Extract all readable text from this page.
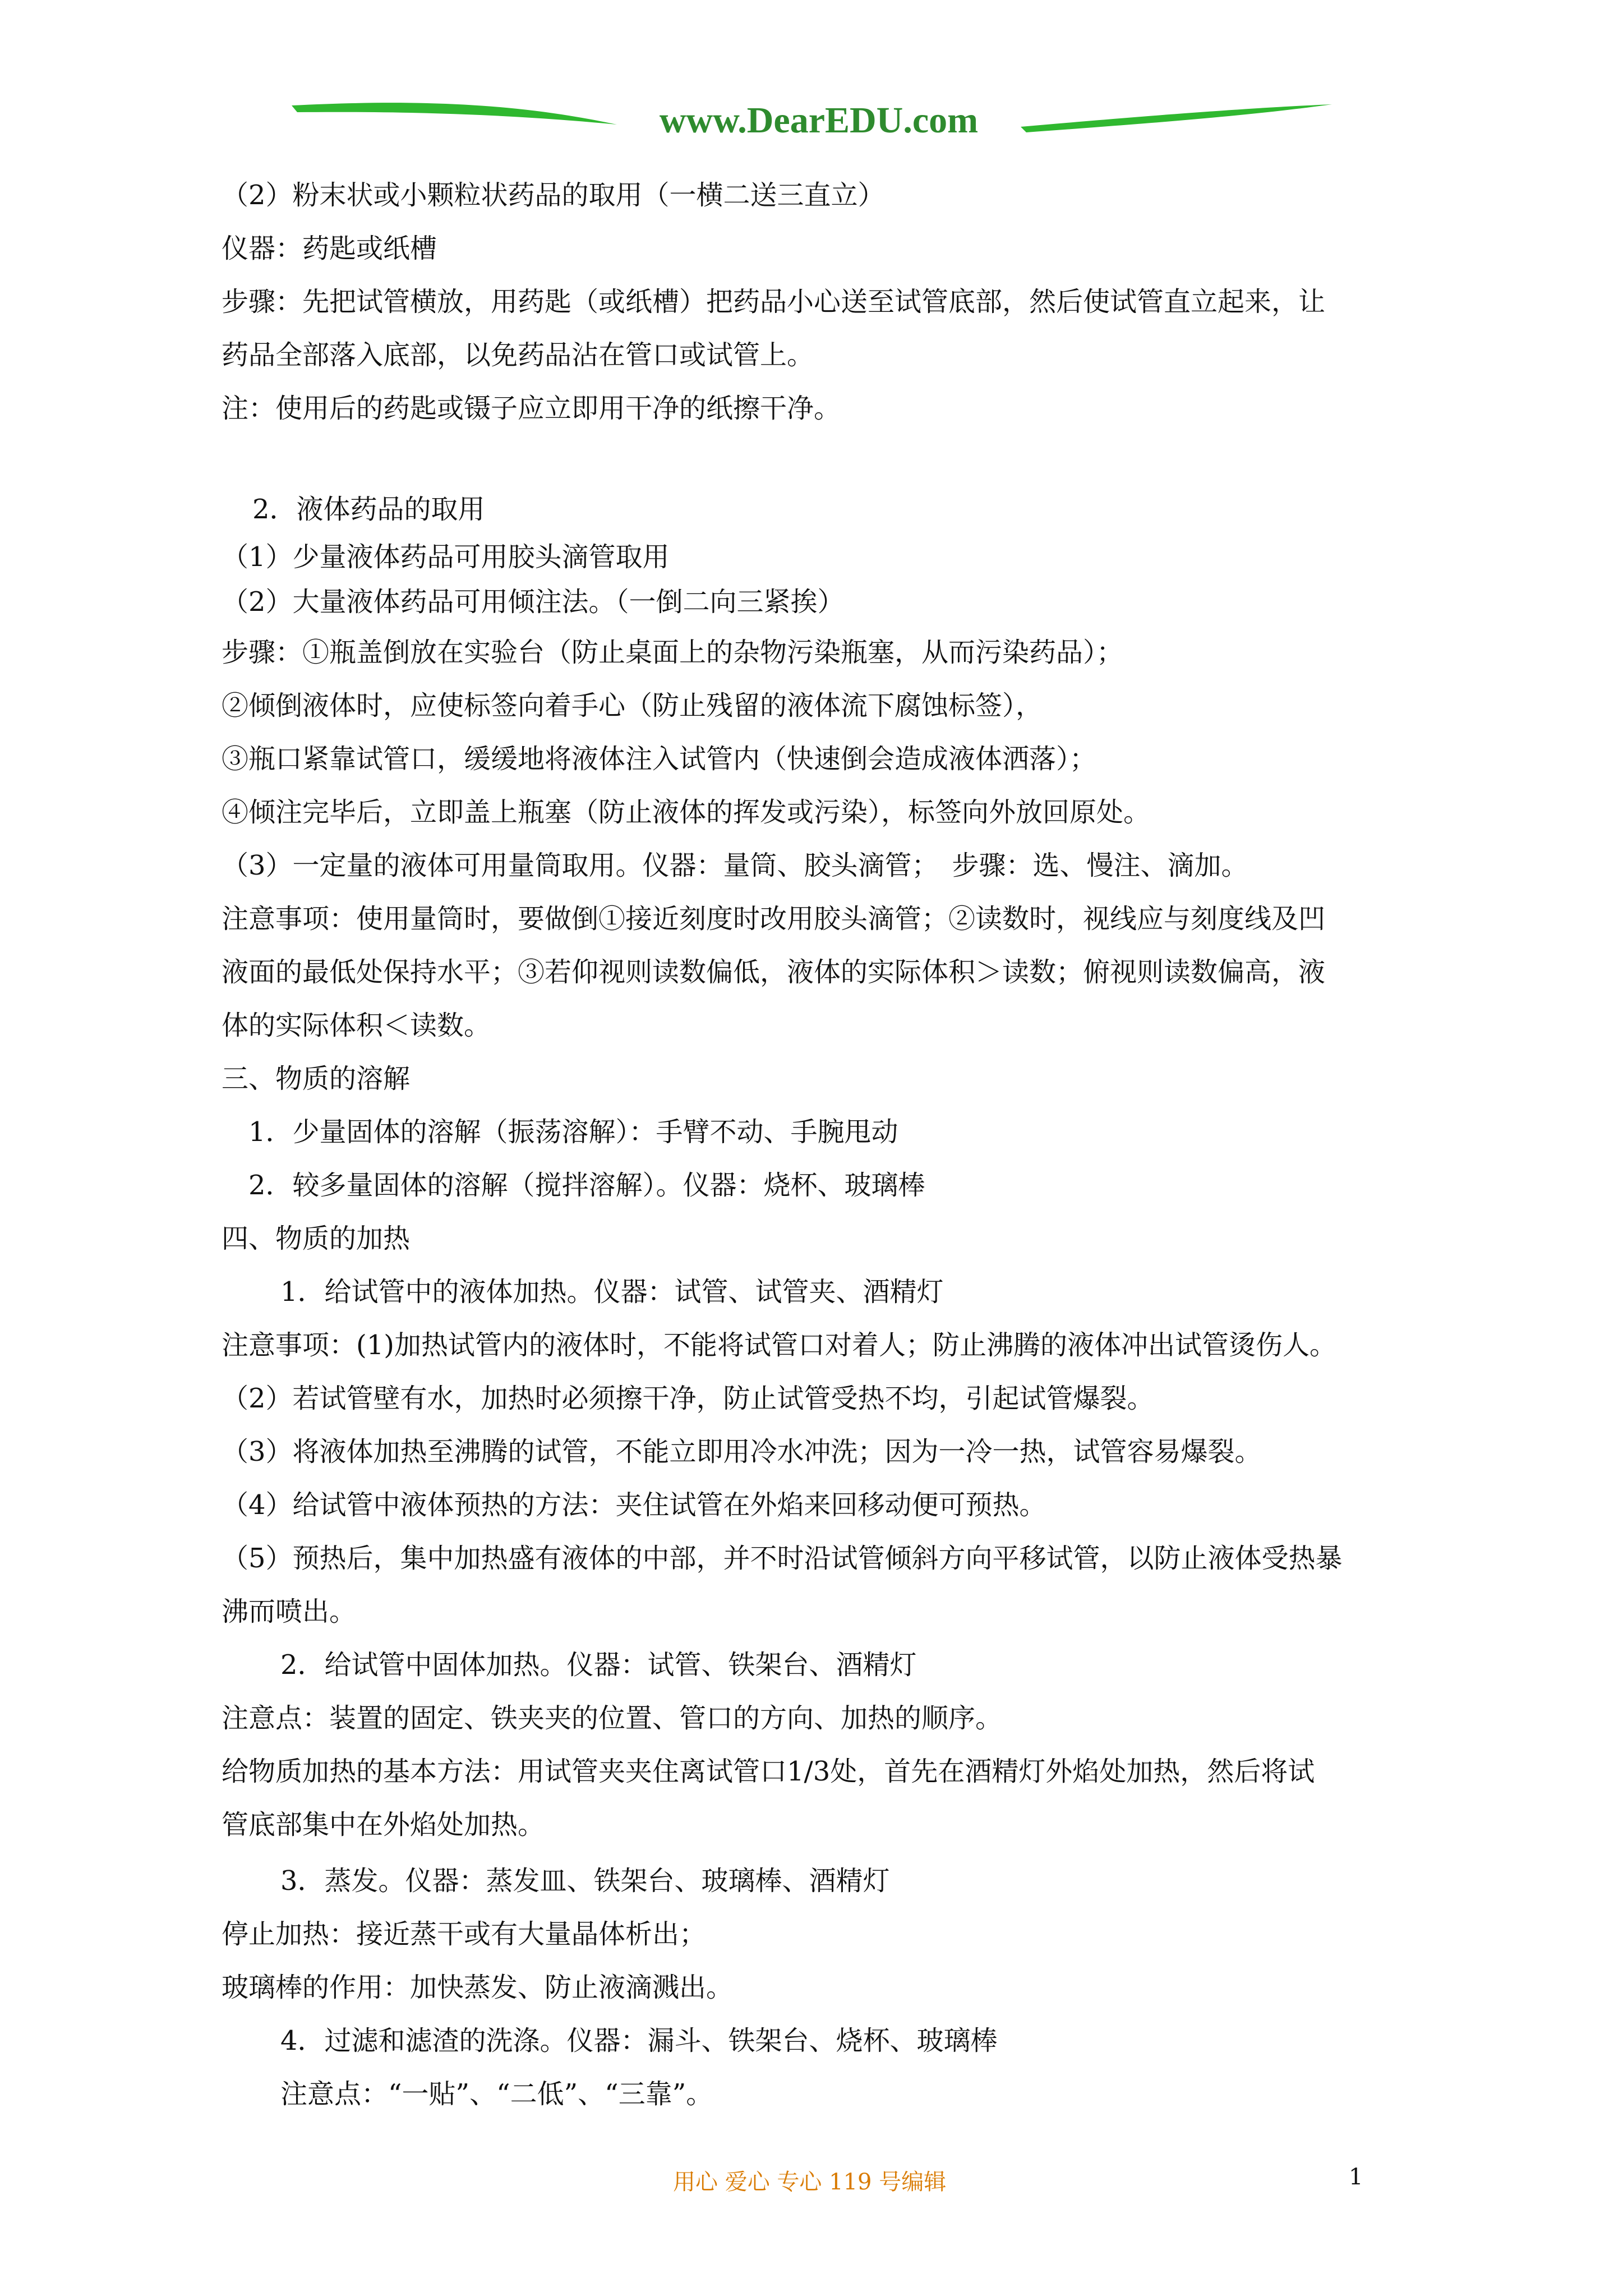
www.DearEDU.com
（2）粉末状或小颗粒状药品的取用（一横二送三直立）
仪器：药匙或纸槽
步骤：先把试管横放，用药匙（或纸槽）把药品小心送至试管底部，然后使试管直立起来，让
药品全部落入底部，以免药品沾在管口或试管上。
注：使用后的药匙或镊子应立即用干净的纸擦干净。
2．液体药品的取用
（1）少量液体药品可用胶头滴管取用
（2）大量液体药品可用倾注法。（一倒二向三紧挨）
步骤：①瓶盖倒放在实验台（防止桌面上的杂物污染瓶塞，从而污染药品）；
②倾倒液体时，应使标签向着手心（防止残留的液体流下腐蚀标签），
③瓶口紧靠试管口，缓缓地将液体注入试管内（快速倒会造成液体洒落）；
④倾注完毕后，立即盖上瓶塞（防止液体的挥发或污染），标签向外放回原处。
（3）一定量的液体可用量筒取用。仪器：量筒、胶头滴管；　步骤：选、慢注、滴加。
注意事项：使用量筒时，要做倒①接近刻度时改用胶头滴管；②读数时，视线应与刻度线及凹
液面的最低处保持水平；③若仰视则读数偏低，液体的实际体积＞读数；俯视则读数偏高，液
体的实际体积＜读数。
三、物质的溶解
1．少量固体的溶解（振荡溶解）：手臂不动、手腕甩动
2．较多量固体的溶解（搅拌溶解）。仪器：烧杯、玻璃棒
四、物质的加热
1．给试管中的液体加热。仪器：试管、试管夹、酒精灯
注意事项：(1)加热试管内的液体时，不能将试管口对着人；防止沸腾的液体冲出试管烫伤人。
（2）若试管壁有水，加热时必须擦干净，防止试管受热不均，引起试管爆裂。
（3）将液体加热至沸腾的试管，不能立即用冷水冲洗；因为一冷一热，试管容易爆裂。
（4）给试管中液体预热的方法：夹住试管在外焰来回移动便可预热。
（5）预热后，集中加热盛有液体的中部，并不时沿试管倾斜方向平移试管，以防止液体受热暴
沸而喷出。
2．给试管中固体加热。仪器：试管、铁架台、酒精灯
注意点：装置的固定、铁夹夹的位置、管口的方向、加热的顺序。
给物质加热的基本方法：用试管夹夹住离试管口1/3处，首先在酒精灯外焰处加热，然后将试
管底部集中在外焰处加热。
3．蒸发。仪器：蒸发皿、铁架台、玻璃棒、酒精灯
停止加热：接近蒸干或有大量晶体析出；
玻璃棒的作用：加快蒸发、防止液滴溅出。
4．过滤和滤渣的洗涤。仪器：漏斗、铁架台、烧杯、玻璃棒
注意点：“一贴”、“二低”、“三靠”。
用心 爱心 专心 119 号编辑	1
